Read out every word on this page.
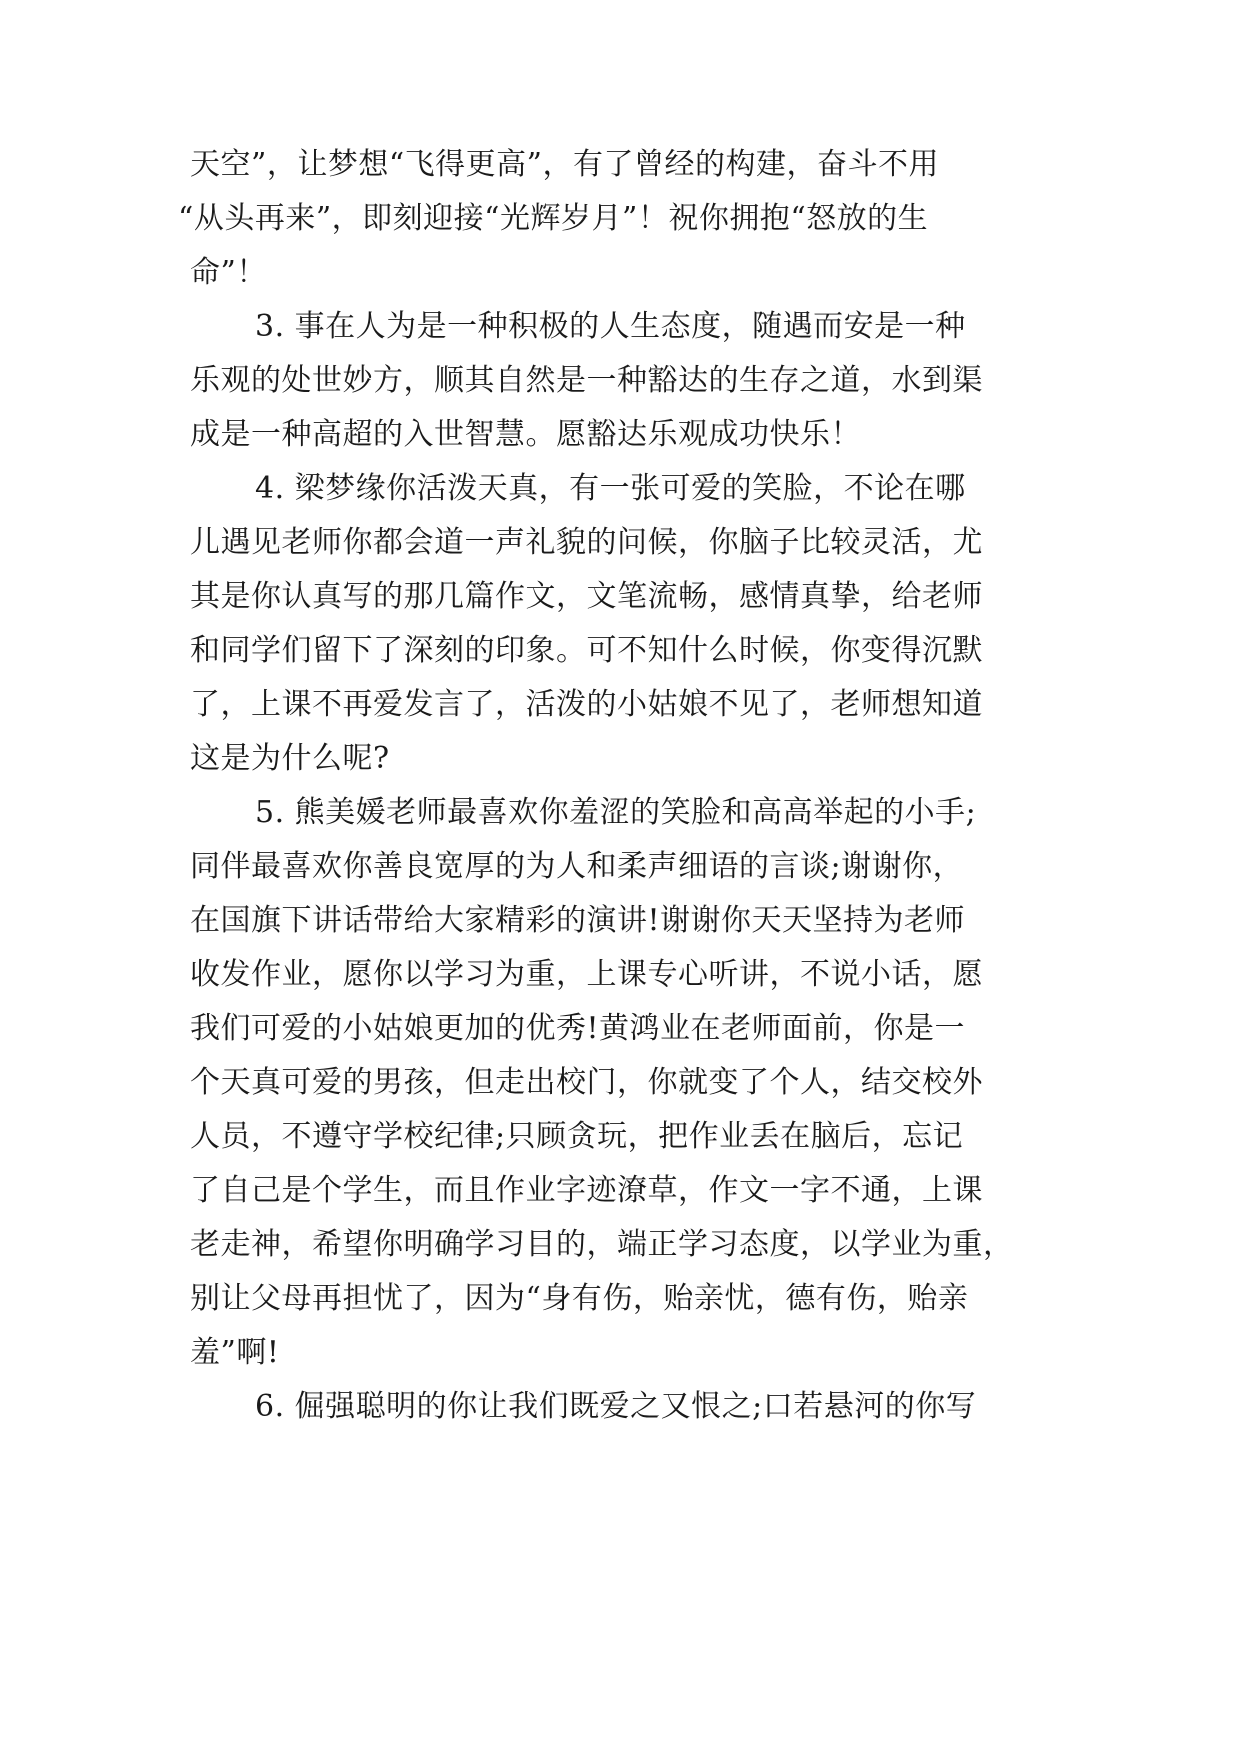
天空”，让梦想“飞得更高”，有了曾经的构建，奋斗不用
“从头再来”，即刻迎接“光辉岁月”！祝你拥抱“怒放的生
命”！
3. 事在人为是一种积极的人生态度，随遇而安是一种
乐观的处世妙方，顺其自然是一种豁达的生存之道，水到渠
成是一种高超的入世智慧。愿豁达乐观成功快乐！
4. 梁梦缘你活泼天真，有一张可爱的笑脸，不论在哪
儿遇见老师你都会道一声礼貌的问候，你脑子比较灵活，尤
其是你认真写的那几篇作文，文笔流畅，感情真挚，给老师
和同学们留下了深刻的印象。可不知什么时候，你变得沉默
了，上课不再爱发言了，活泼的小姑娘不见了，老师想知道
这是为什么呢?
5. 熊美媛老师最喜欢你羞涩的笑脸和高高举起的小手;
同伴最喜欢你善良宽厚的为人和柔声细语的言谈;谢谢你，
在国旗下讲话带给大家精彩的演讲!谢谢你天天坚持为老师
收发作业，愿你以学习为重，上课专心听讲，不说小话，愿
我们可爱的小姑娘更加的优秀!黄鸿业在老师面前，你是一
个天真可爱的男孩，但走出校门，你就变了个人，结交校外
人员，不遵守学校纪律;只顾贪玩，把作业丢在脑后，忘记
了自己是个学生，而且作业字迹潦草，作文一字不通，上课
老走神，希望你明确学习目的，端正学习态度，以学业为重，
别让父母再担忧了，因为“身有伤，贻亲忧，德有伤，贻亲
羞”啊!
6. 倔强聪明的你让我们既爱之又恨之;口若悬河的你写
